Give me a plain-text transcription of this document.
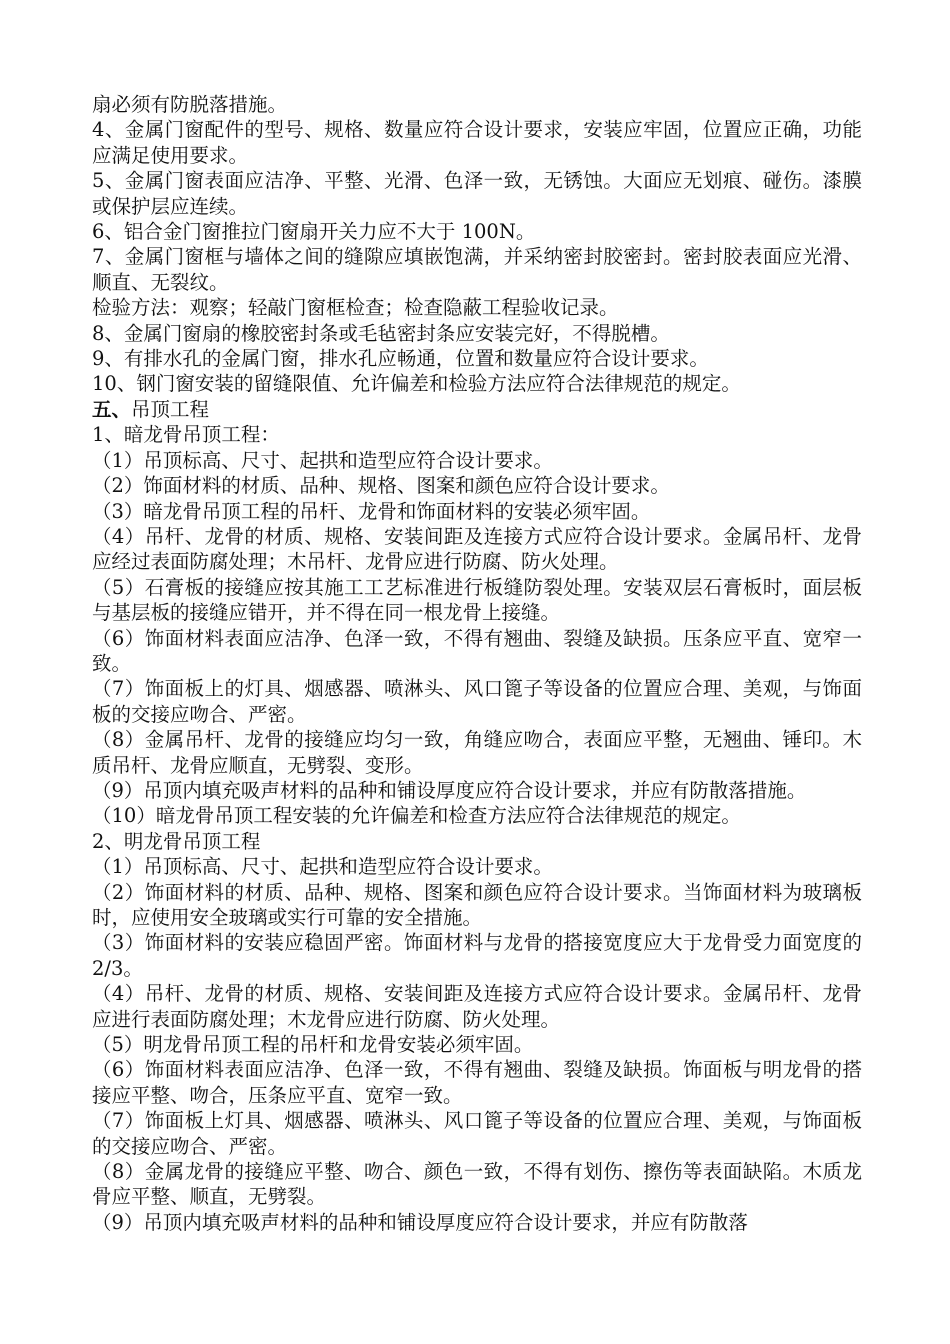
扇必须有防脱落措施。

4、金属门窗配件的型号、规格、数量应符合设计要求，安装应牢固，位置应正确，功能应满足使用要求。

5、金属门窗表面应洁净、平整、光滑、色泽一致，无锈蚀。大面应无划痕、碰伤。漆膜或保护层应连续。

6、铝合金门窗推拉门窗扇开关力应不大于 100N。

7、金属门窗框与墙体之间的缝隙应填嵌饱满，并采纳密封胶密封。密封胶表面应光滑、顺直、无裂纹。

检验方法：观察；轻敲门窗框检查；检查隐蔽工程验收记录。

8、金属门窗扇的橡胶密封条或毛毡密封条应安装完好，不得脱槽。

9、有排水孔的金属门窗，排水孔应畅通，位置和数量应符合设计要求。

10、钢门窗安装的留缝限值、允许偏差和检验方法应符合法律规范的规定。

五、吊顶工程

1、暗龙骨吊顶工程：

（1）吊顶标高、尺寸、起拱和造型应符合设计要求。

（2）饰面材料的材质、品种、规格、图案和颜色应符合设计要求。

（3）暗龙骨吊顶工程的吊杆、龙骨和饰面材料的安装必须牢固。

（4）吊杆、龙骨的材质、规格、安装间距及连接方式应符合设计要求。金属吊杆、龙骨应经过表面防腐处理；木吊杆、龙骨应进行防腐、防火处理。

（5）石膏板的接缝应按其施工工艺标准进行板缝防裂处理。安装双层石膏板时，面层板与基层板的接缝应错开，并不得在同一根龙骨上接缝。

（6）饰面材料表面应洁净、色泽一致，不得有翘曲、裂缝及缺损。压条应平直、宽窄一致。

（7）饰面板上的灯具、烟感器、喷淋头、风口篦子等设备的位置应合理、美观，与饰面板的交接应吻合、严密。

（8）金属吊杆、龙骨的接缝应均匀一致，角缝应吻合，表面应平整，无翘曲、锤印。木质吊杆、龙骨应顺直，无劈裂、变形。

（9）吊顶内填充吸声材料的品种和铺设厚度应符合设计要求，并应有防散落措施。

（10）暗龙骨吊顶工程安装的允许偏差和检查方法应符合法律规范的规定。

2、明龙骨吊顶工程

（1）吊顶标高、尺寸、起拱和造型应符合设计要求。

（2）饰面材料的材质、品种、规格、图案和颜色应符合设计要求。当饰面材料为玻璃板时，应使用安全玻璃或实行可靠的安全措施。

（3）饰面材料的安装应稳固严密。饰面材料与龙骨的搭接宽度应大于龙骨受力面宽度的 2/3。

（4）吊杆、龙骨的材质、规格、安装间距及连接方式应符合设计要求。金属吊杆、龙骨应进行表面防腐处理；木龙骨应进行防腐、防火处理。

（5）明龙骨吊顶工程的吊杆和龙骨安装必须牢固。

（6）饰面材料表面应洁净、色泽一致，不得有翘曲、裂缝及缺损。饰面板与明龙骨的搭接应平整、吻合，压条应平直、宽窄一致。

（7）饰面板上灯具、烟感器、喷淋头、风口篦子等设备的位置应合理、美观，与饰面板的交接应吻合、严密。

（8）金属龙骨的接缝应平整、吻合、颜色一致，不得有划伤、擦伤等表面缺陷。木质龙骨应平整、顺直，无劈裂。

（9）吊顶内填充吸声材料的品种和铺设厚度应符合设计要求，并应有防散落
